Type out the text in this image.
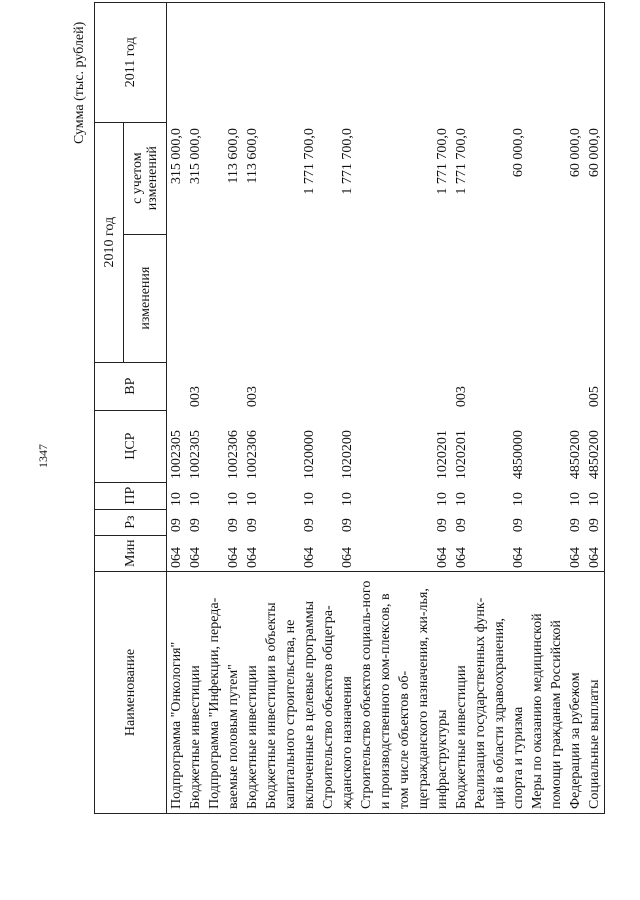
1347
Сумма (тыс. рублей)
Наименование	Мин	Рз	ПР	ЦСР	ВР	2010 год		2011 год
						изменения	с учетом изменений	
Подпрограмма "Онкология"	064	09	10	1002305			315 000,0	
Бюджетные инвестиции	064	09	10	1002305	003		315 000,0	
Подпрограмма "Инфекции, переда-ваемые половым путем"	064	09	10	1002306			113 600,0	
Бюджетные инвестиции	064	09	10	1002306	003		113 600,0	
Бюджетные инвестиции в объекты капитального строительства, не включенные в целевые программы	064	09	10	1020000			1 771 700,0	
Строительство объектов общегра-жданского назначения	064	09	10	1020200			1 771 700,0	
Строительство объектов социаль-ного и производственного ком-плексов, в том числе объектов об-щегражданского назначения, жи-лья, инфраструктуры	064	09	10	1020201			1 771 700,0	
Бюджетные инвестиции	064	09	10	1020201	003		1 771 700,0	
Реализация государственных функ-ций в области здравоохранения, спорта и туризма	064	09	10	4850000			60 000,0	
Меры по оказанию медицинской помощи гражданам Российской Федерации за рубежом	064	09	10	4850200			60 000,0	
Социальные выплаты	064	09	10	4850200	005		60 000,0	
